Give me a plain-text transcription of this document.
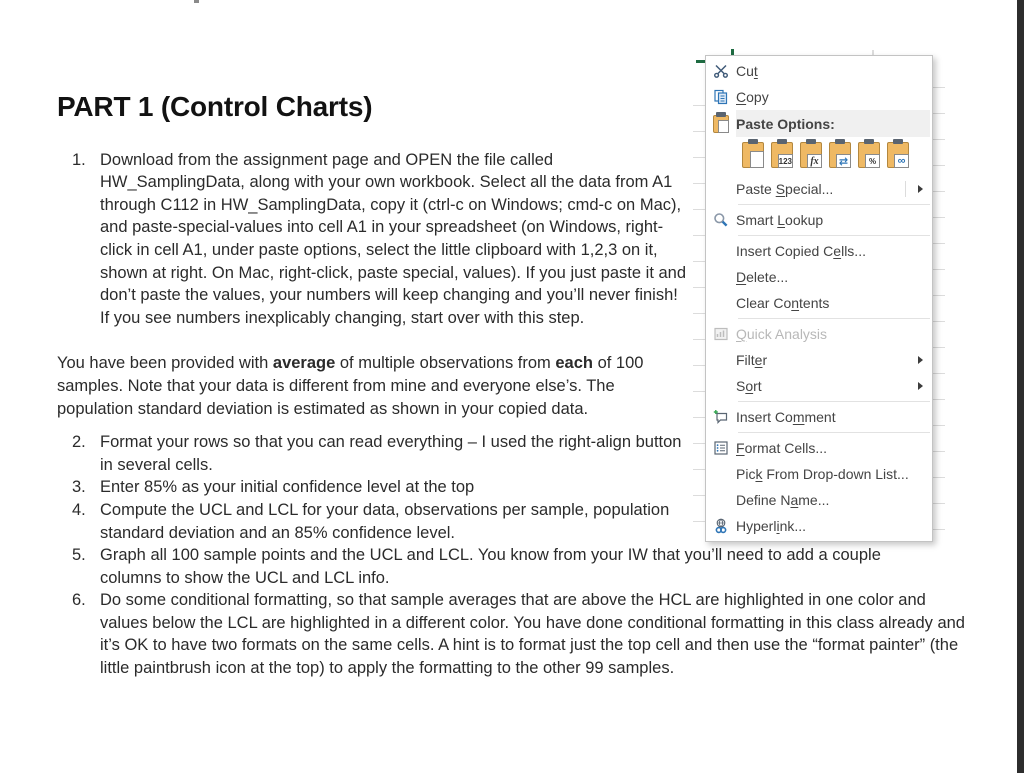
PART 1 (Control Charts)
1. Download from the assignment page and OPEN the file called HW_SamplingData, along with your own workbook. Select all the data from A1 through C112 in HW_SamplingData, copy it (ctrl-c on Windows; cmd-c on Mac), and paste-special-values into cell A1 in your spreadsheet (on Windows, right-click in cell A1, under paste options, select the little clipboard with 1,2,3 on it, shown at right. On Mac, right-click, paste special, values). If you just paste it and don’t paste the values, your numbers will keep changing and you’ll never finish! If you see numbers inexplicably changing, start over with this step.

You have been provided with average of multiple observations from each of 100 samples. Note that your data is different from mine and everyone else’s. The population standard deviation is estimated as shown in your copied data.

2. Format your rows so that you can read everything – I used the right-align button in several cells.
3. Enter 85% as your initial confidence level at the top
4. Compute the UCL and LCL for your data, observations per sample, population standard deviation and an 85% confidence level.
5. Graph all 100 sample points and the UCL and LCL. You know from your IW that you’ll need to add a couple columns to show the UCL and LCL info.
6. Do some conditional formatting, so that sample averages that are above the HCL are highlighted in one color and values below the LCL are highlighted in a different color. You have done conditional formatting in this class already and it’s OK to have two formats on the same cells. A hint is to format just the top cell and then use the “format painter” (the little paintbrush icon at the top) to apply the formatting to the other 99 samples.
Cut
Copy
Paste Options:
123	fx	⇄	%	∞
Paste Special...
Smart Lookup
Insert Copied Cells...
Delete...
Clear Contents
Quick Analysis
Filter
Sort
Insert Comment
Format Cells...
Pick From Drop-down List...
Define Name...
Hyperlink...
